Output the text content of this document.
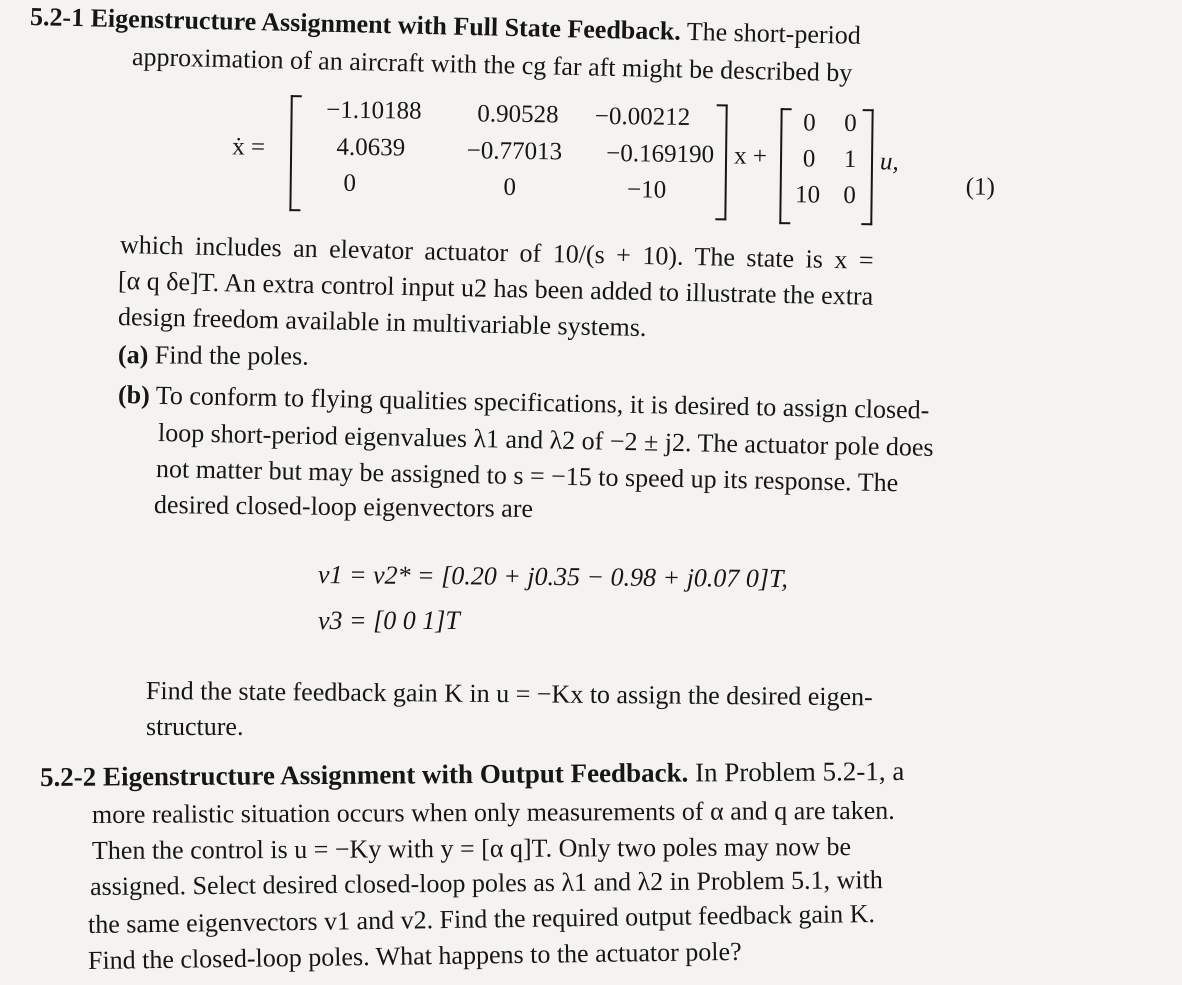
5.2-1 Eigenstructure Assignment with Full State Feedback. The short-period
approximation of an aircraft with the cg far aft might be described by
ẋ =
−1.10188	0.90528	−0.00212
4.0639	−0.77013	−0.169190
0	0	−10
x +
0	0
0	1
10 0
u,
(1)
which includes an elevator actuator of 10/(s + 10). The state is x =
[α q δe]T. An extra control input u2 has been added to illustrate the extra
design freedom available in multivariable systems.
(a) Find the poles.
(b) To conform to flying qualities specifications, it is desired to assign closed-
loop short-period eigenvalues λ1 and λ2 of −2 ± j2. The actuator pole does
not matter but may be assigned to s = −15 to speed up its response. The
desired closed-loop eigenvectors are
v1 = v2* = [0.20 + j0.35 − 0.98 + j0.07 0]T,
v3 = [0 0 1]T
Find the state feedback gain K in u = −Kx to assign the desired eigen-
structure.
5.2-2 Eigenstructure Assignment with Output Feedback. In Problem 5.2-1, a
more realistic situation occurs when only measurements of α and q are taken.
Then the control is u = −Ky with y = [α q]T. Only two poles may now be
assigned. Select desired closed-loop poles as λ1 and λ2 in Problem 5.1, with
the same eigenvectors v1 and v2. Find the required output feedback gain K.
Find the closed-loop poles. What happens to the actuator pole?
